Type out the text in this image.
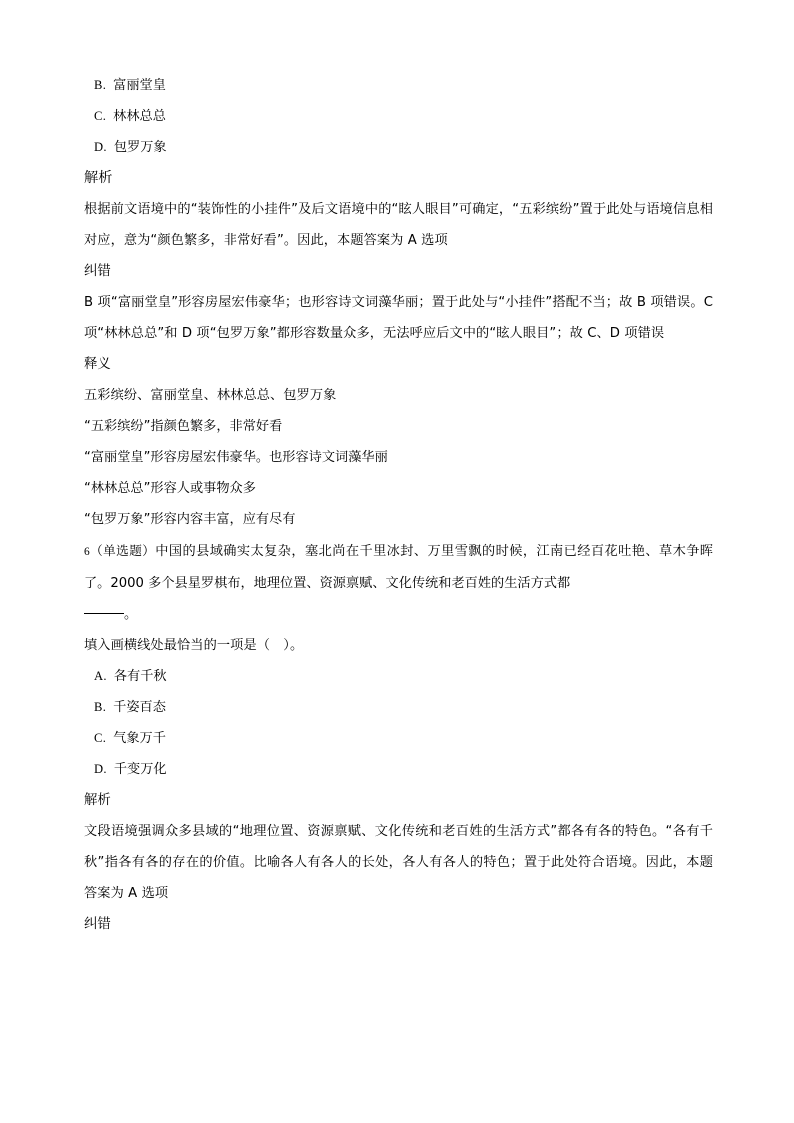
B. 富丽堂皇
C. 林林总总
D. 包罗万象
解析
根据前文语境中的“装饰性的小挂件”及后文语境中的“眩人眼目”可确定，“五彩缤纷”置于此处与语境信息相对应，意为“颜色繁多，非常好看”。因此，本题答案为 A 选项
纠错
B 项“富丽堂皇”形容房屋宏伟豪华；也形容诗文词藻华丽；置于此处与“小挂件”搭配不当；故 B 项错误。C 项“林林总总”和 D 项“包罗万象”都形容数量众多，无法呼应后文中的“眩人眼目”；故 C、D 项错误
释义
五彩缤纷、富丽堂皇、林林总总、包罗万象
“五彩缤纷”指颜色繁多，非常好看
“富丽堂皇”形容房屋宏伟豪华。也形容诗文词藻华丽
“林林总总”形容人或事物众多
“包罗万象”形容内容丰富，应有尽有
6（单选题）中国的县域确实太复杂，塞北尚在千里冰封、万里雪飘的时候，江南已经百花吐艳、草木争晖了。2000 多个县星罗棋布，地理位置、资源禀赋、文化传统和老百姓的生活方式都
。
填入画横线处最恰当的一项是（　）。
A. 各有千秋
B. 千姿百态
C. 气象万千
D. 千变万化
解析
文段语境强调众多县域的“地理位置、资源禀赋、文化传统和老百姓的生活方式”都各有各的特色。“各有千秋”指各有各的存在的价值。比喻各人有各人的长处，各人有各人的特色；置于此处符合语境。因此，本题答案为 A 选项
纠错
